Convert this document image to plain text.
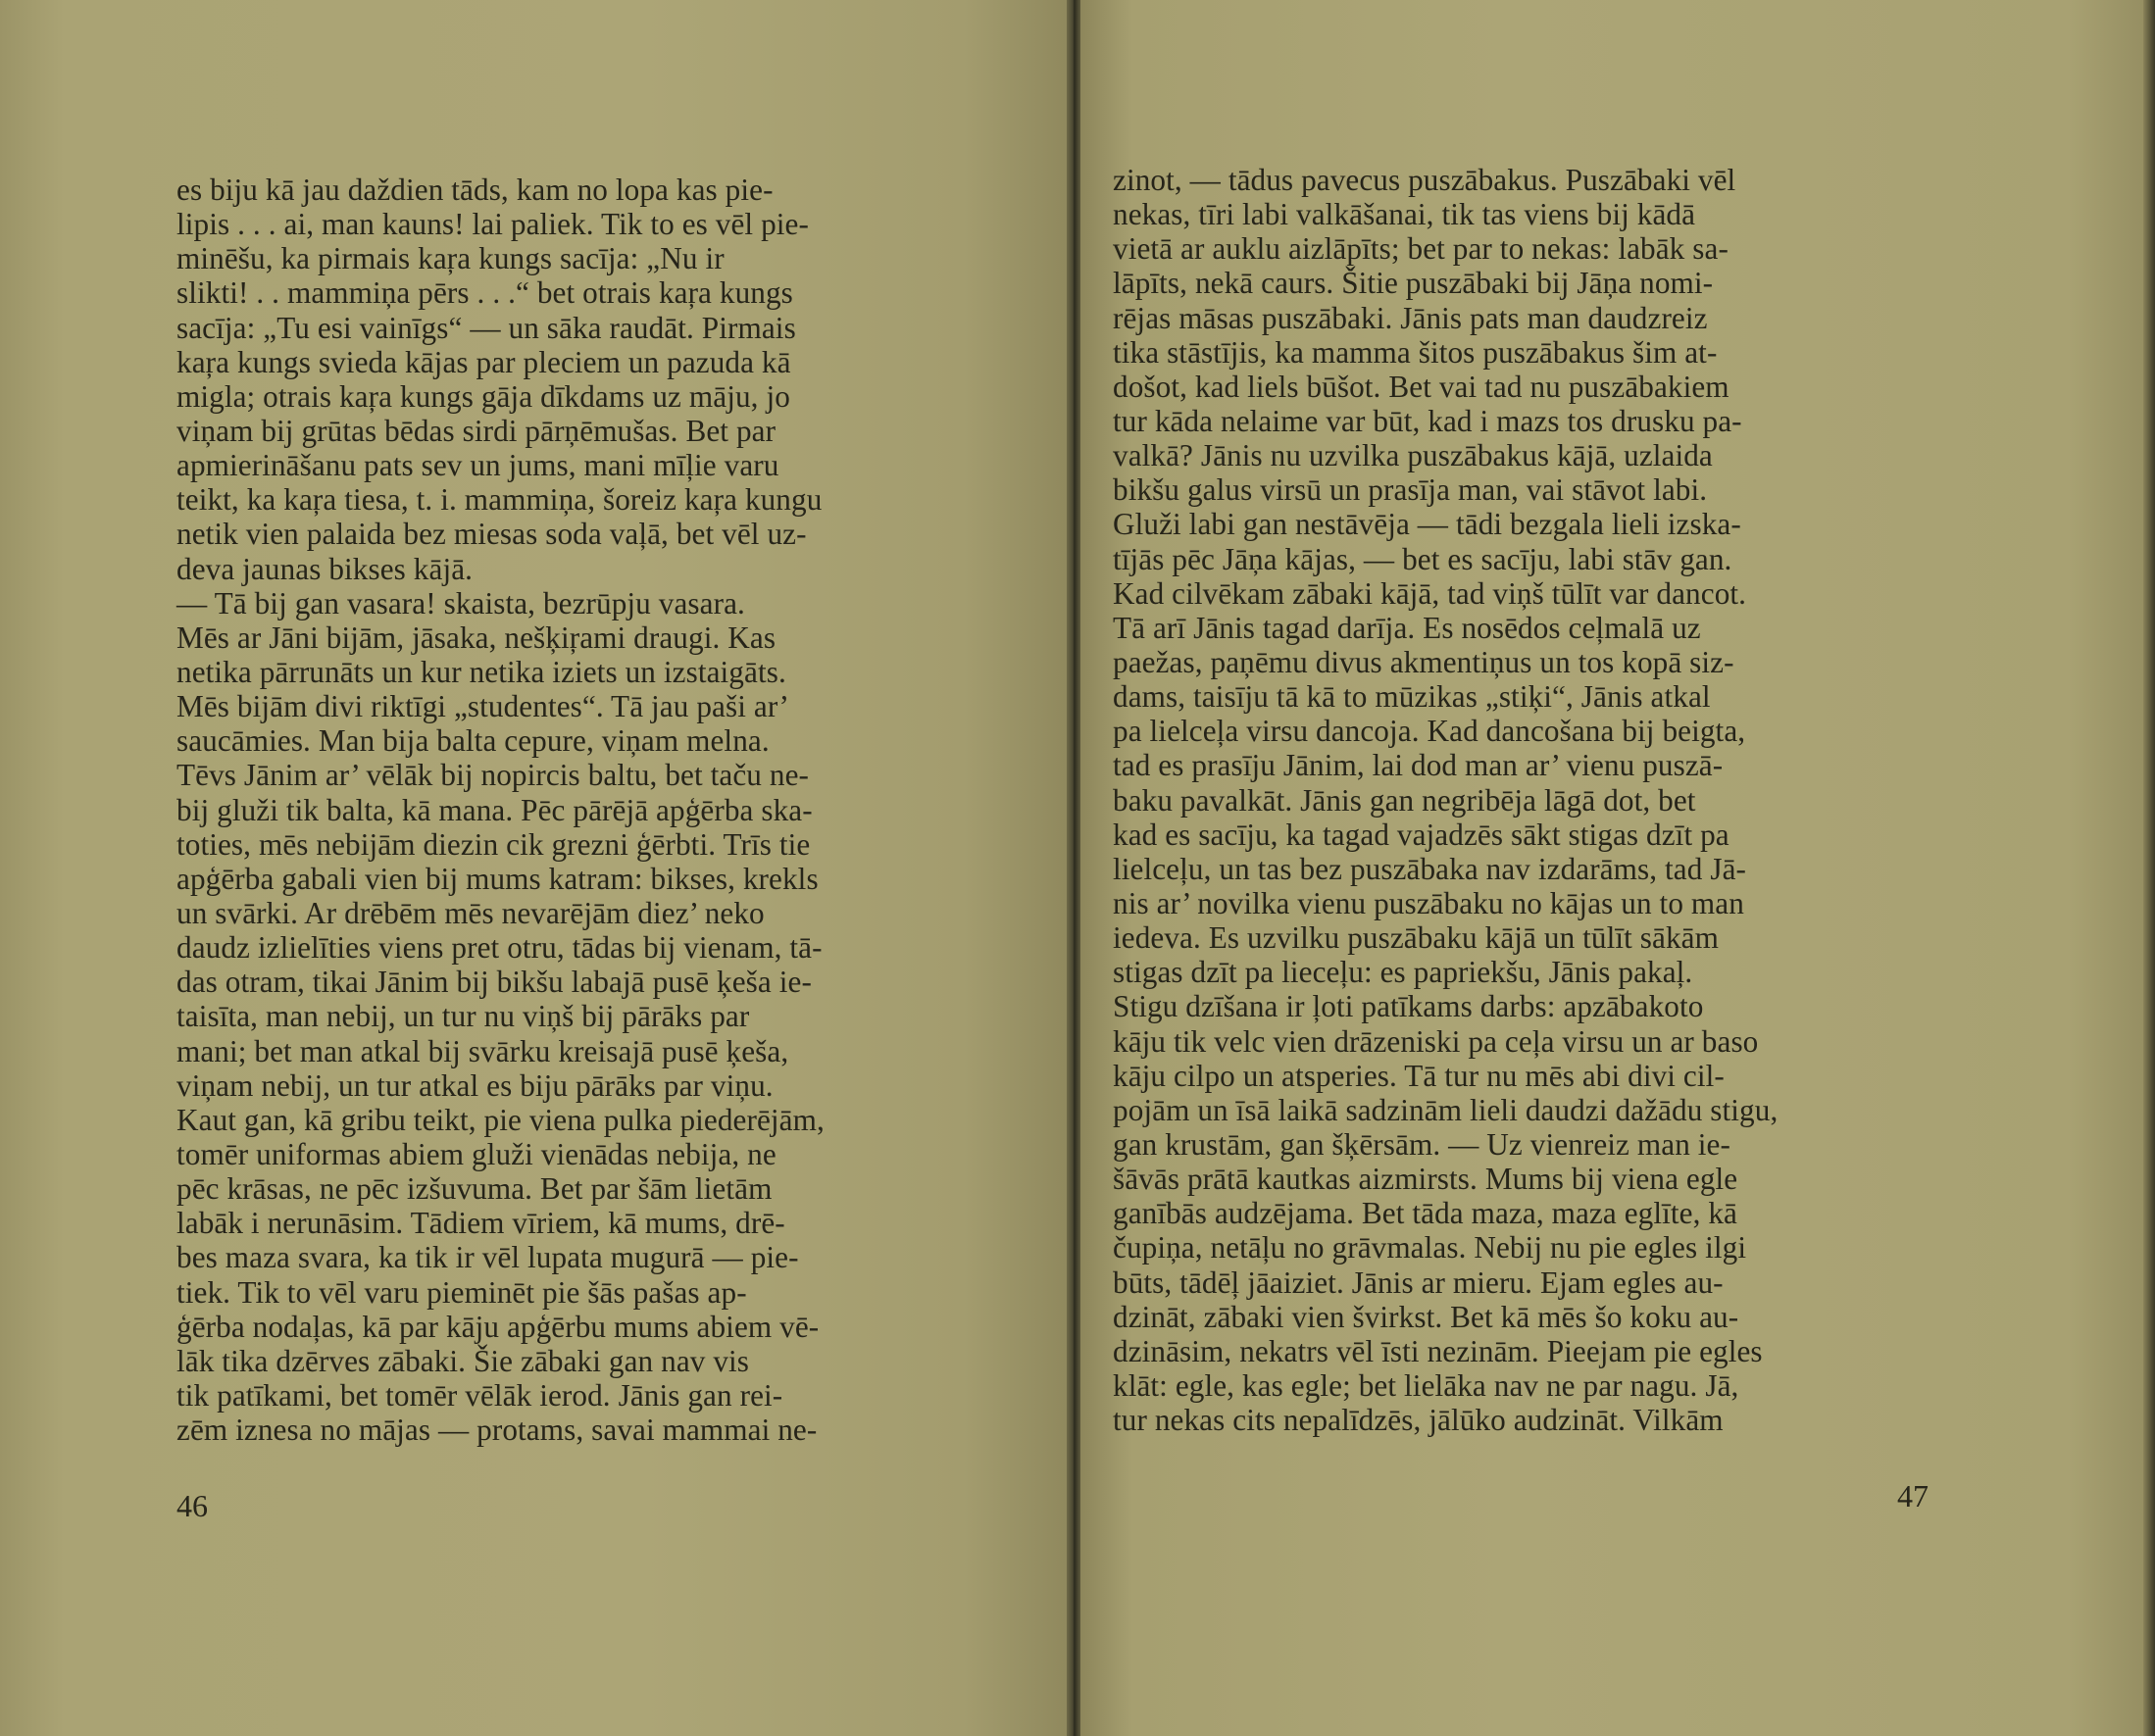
es biju kā jau daždien tāds, kam no lopa kas pie-
lipis . . . ai, man kauns! lai paliek. Tik to es vēl pie-
minēšu, ka pirmais kaŗa kungs sacīja: „Nu ir
slikti! . . mammiņa pērs . . .“ bet otrais kaŗa kungs
sacīja: „Tu esi vainīgs“ — un sāka raudāt. Pirmais
kaŗa kungs svieda kājas par pleciem un pazuda kā
migla; otrais kaŗa kungs gāja dīkdams uz māju, jo
viņam bij grūtas bēdas sirdi pārņēmušas. Bet par
apmierināšanu pats sev un jums, mani mīļie varu
teikt, ka kaŗa tiesa, t. i. mammiņa, šoreiz kaŗa kungu
netik vien palaida bez miesas soda vaļā, bet vēl uz-
deva jaunas bikses kājā.
— Tā bij gan vasara! skaista, bezrūpju vasara.
Mēs ar Jāni bijām, jāsaka, nešķiŗami draugi. Kas
netika pārrunāts un kur netika iziets un izstaigāts.
Mēs bijām divi riktīgi „studentes“. Tā jau paši ar’
saucāmies. Man bija balta cepure, viņam melna.
Tēvs Jānim ar’ vēlāk bij nopircis baltu, bet taču ne-
bij gluži tik balta, kā mana. Pēc pārējā apģērba ska-
toties, mēs nebijām diezin cik grezni ģērbti. Trīs tie
apģērba gabali vien bij mums katram: bikses, krekls
un svārki. Ar drēbēm mēs nevarējām diez’ neko
daudz izlielīties viens pret otru, tādas bij vienam, tā-
das otram, tikai Jānim bij bikšu labajā pusē ķeša ie-
taisīta, man nebij, un tur nu viņš bij pārāks par
mani; bet man atkal bij svārku kreisajā pusē ķeša,
viņam nebij, un tur atkal es biju pārāks par viņu.
Kaut gan, kā gribu teikt, pie viena pulka piederējām,
tomēr uniformas abiem gluži vienādas nebija, ne
pēc krāsas, ne pēc izšuvuma. Bet par šām lietām
labāk i nerunāsim. Tādiem vīriem, kā mums, drē-
bes maza svara, ka tik ir vēl lupata mugurā — pie-
tiek. Tik to vēl varu pieminēt pie šās pašas ap-
ģērba nodaļas, kā par kāju apģērbu mums abiem vē-
lāk tika dzērves zābaki. Šie zābaki gan nav vis
tik patīkami, bet tomēr vēlāk ierod. Jānis gan rei-
zēm iznesa no mājas — protams, savai mammai ne-
zinot, — tādus pavecus puszābakus. Puszābaki vēl
nekas, tīri labi valkāšanai, tik tas viens bij kādā
vietā ar auklu aizlāpīts; bet par to nekas: labāk sa-
lāpīts, nekā caurs. Šitie puszābaki bij Jāņa nomi-
rējas māsas puszābaki. Jānis pats man daudzreiz
tika stāstījis, ka mamma šitos puszābakus šim at-
došot, kad liels būšot. Bet vai tad nu puszābakiem
tur kāda nelaime var būt, kad i mazs tos drusku pa-
valkā? Jānis nu uzvilka puszābakus kājā, uzlaida
bikšu galus virsū un prasīja man, vai stāvot labi.
Gluži labi gan nestāvēja — tādi bezgala lieli izska-
tījās pēc Jāņa kājas, — bet es sacīju, labi stāv gan.
Kad cilvēkam zābaki kājā, tad viņš tūlīt var dancot.
Tā arī Jānis tagad darīja. Es nosēdos ceļmalā uz
paežas, paņēmu divus akmentiņus un tos kopā siz-
dams, taisīju tā kā to mūzikas „stiķi“, Jānis atkal
pa lielceļa virsu dancoja. Kad dancošana bij beigta,
tad es prasīju Jānim, lai dod man ar’ vienu puszā-
baku pavalkāt. Jānis gan negribēja lāgā dot, bet
kad es sacīju, ka tagad vajadzēs sākt stigas dzīt pa
lielceļu, un tas bez puszābaka nav izdarāms, tad Jā-
nis ar’ novilka vienu puszābaku no kājas un to man
iedeva. Es uzvilku puszābaku kājā un tūlīt sākām
stigas dzīt pa lieceļu: es papriekšu, Jānis pakaļ.
Stigu dzīšana ir ļoti patīkams darbs: apzābakoto
kāju tik velc vien drāzeniski pa ceļa virsu un ar baso
kāju cilpo un atsperies. Tā tur nu mēs abi divi cil-
pojām un īsā laikā sadzinām lieli daudzi dažādu stigu,
gan krustām, gan šķērsām. — Uz vienreiz man ie-
šāvās prātā kautkas aizmirsts. Mums bij viena egle
ganībās audzējama. Bet tāda maza, maza eglīte, kā
čupiņa, netāļu no grāvmalas. Nebij nu pie egles ilgi
būts, tādēļ jāaiziet. Jānis ar mieru. Ejam egles au-
dzināt, zābaki vien švirkst. Bet kā mēs šo koku au-
dzināsim, nekatrs vēl īsti nezinām. Pieejam pie egles
klāt: egle, kas egle; bet lielāka nav ne par nagu. Jā,
tur nekas cits nepalīdzēs, jālūko audzināt. Vilkām
46	47
